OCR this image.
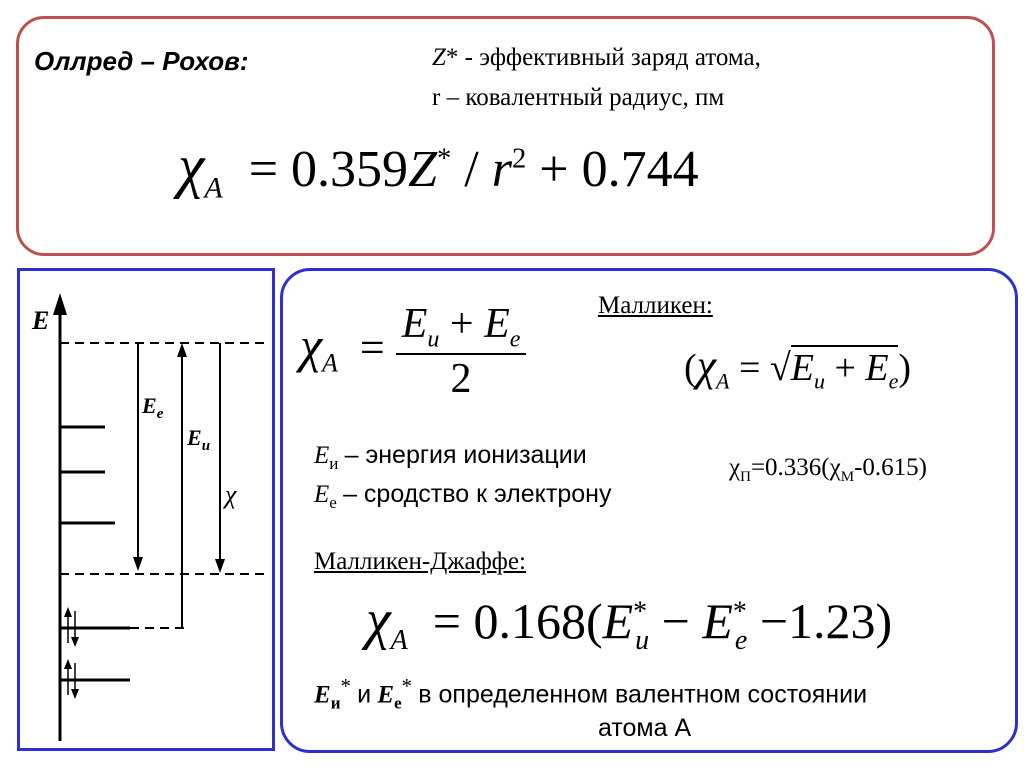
Оллред – Рохов:	Z* - эффективный заряд атома,
r – ковалентный радиус, пм
$\chi_A = 0.359Z^* / r^2 + 0.744$
E
$E_e$
$E_и$
χ
$\chi_A = \frac{E_и + E_e}{2}$	Малликен:
$(\chi_A = √E_и + E_e)$
$E_и$ – энергия ионизации
$E_е$ – сродство к электрону
$\chi_П=0.336(\chi_М-0.615)$
Малликен-Джаффе:
$\chi_A = 0.168(E^*_и - E^*_e -1.23)$
$E_и^*$ и $E_е^*$ в определенном валентном состоянии
атома А
